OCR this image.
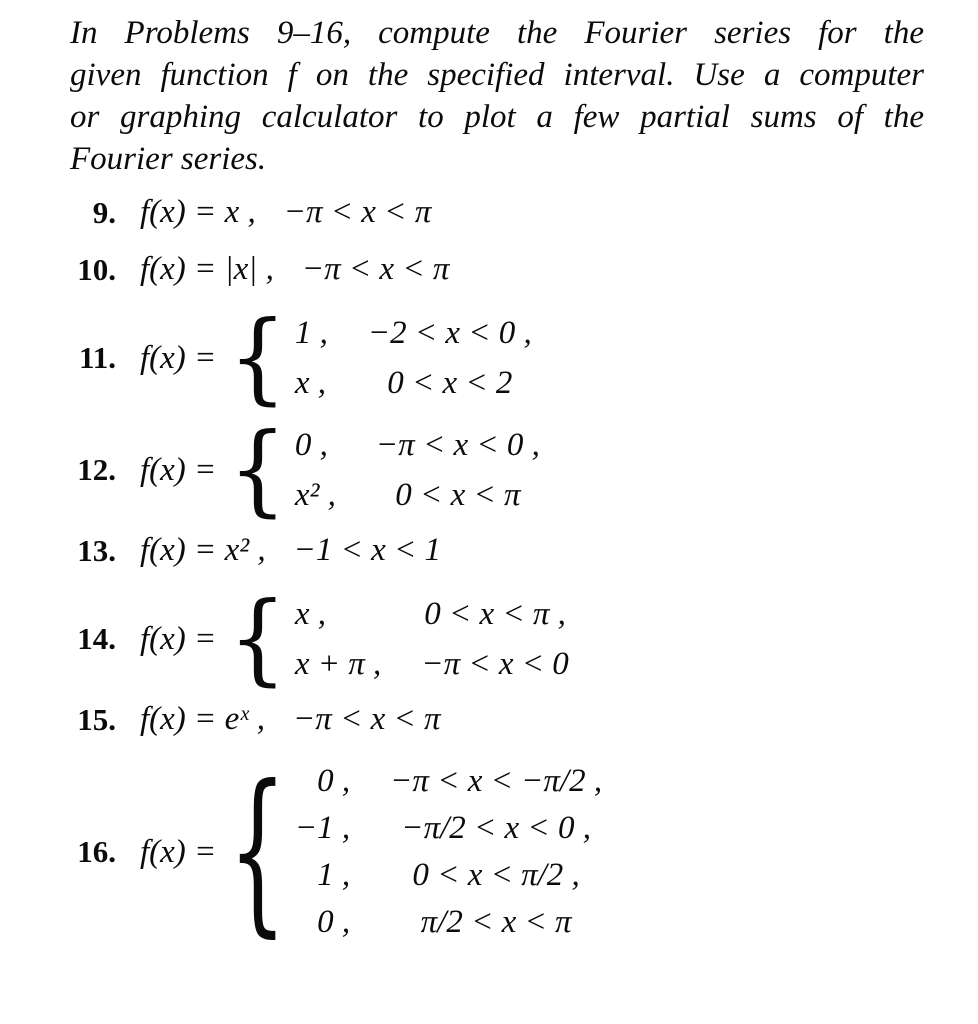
In Problems 9–16, compute the Fourier series for the
given function f on the specified interval. Use a computer
or graphing calculator to plot a few partial sums of the
Fourier series.
9. f(x) = x , −π < x < π
10. f(x) = |x| , −π < x < π
11. f(x) = { 1 , −2 < x < 0 ,
x , 0 < x < 2
12. f(x) = { 0 , −π < x < 0 ,
x² , 0 < x < π
13. f(x) = x² , −1 < x < 1
14. f(x) = { x ,	0 < x < π ,
x + π , −π < x < 0
15. f(x) = eˣ , −π < x < π
16. f(x) = { 0 , −π < x < −π/2 ,
−1 , −π/2 < x < 0 ,
1 , 0 < x < π/2 ,
0 , π/2 < x < π
